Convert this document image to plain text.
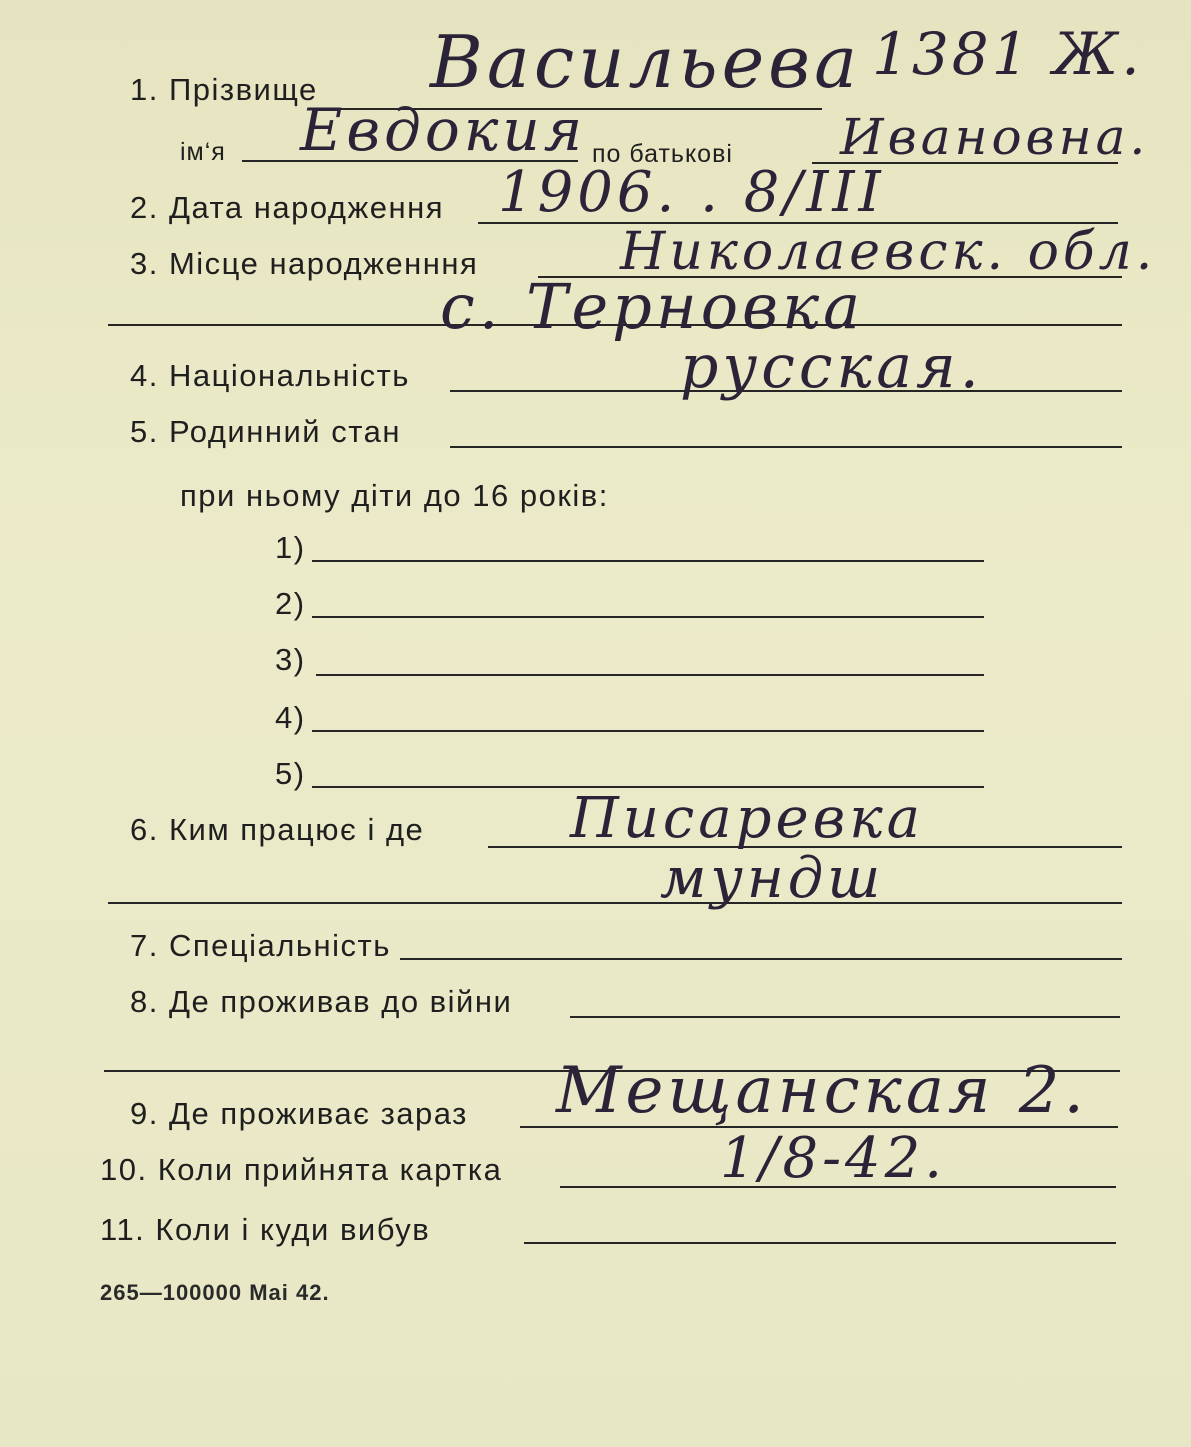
1381 Ж.
1. Прізвище Васильева
ім‘я Евдокия по батькові Ивановна.
2. Дата народження 1906. . 8/III
3. Місце народженння	Николаевск. обл.
с. Терновка
4. Національність	русская.
5. Родинний стан
при ньому діти до 16 років:
1)
2)
3)
4)
5)
6. Ким працює і де	Писаревка
мундш
7. Спеціальність
8. Де проживав до війни
9. Де проживає зараз Мещанская 2.
10. Коли прийнята картка	1/8-42.
11. Коли і куди вибув
265—100000 Mai 42.
